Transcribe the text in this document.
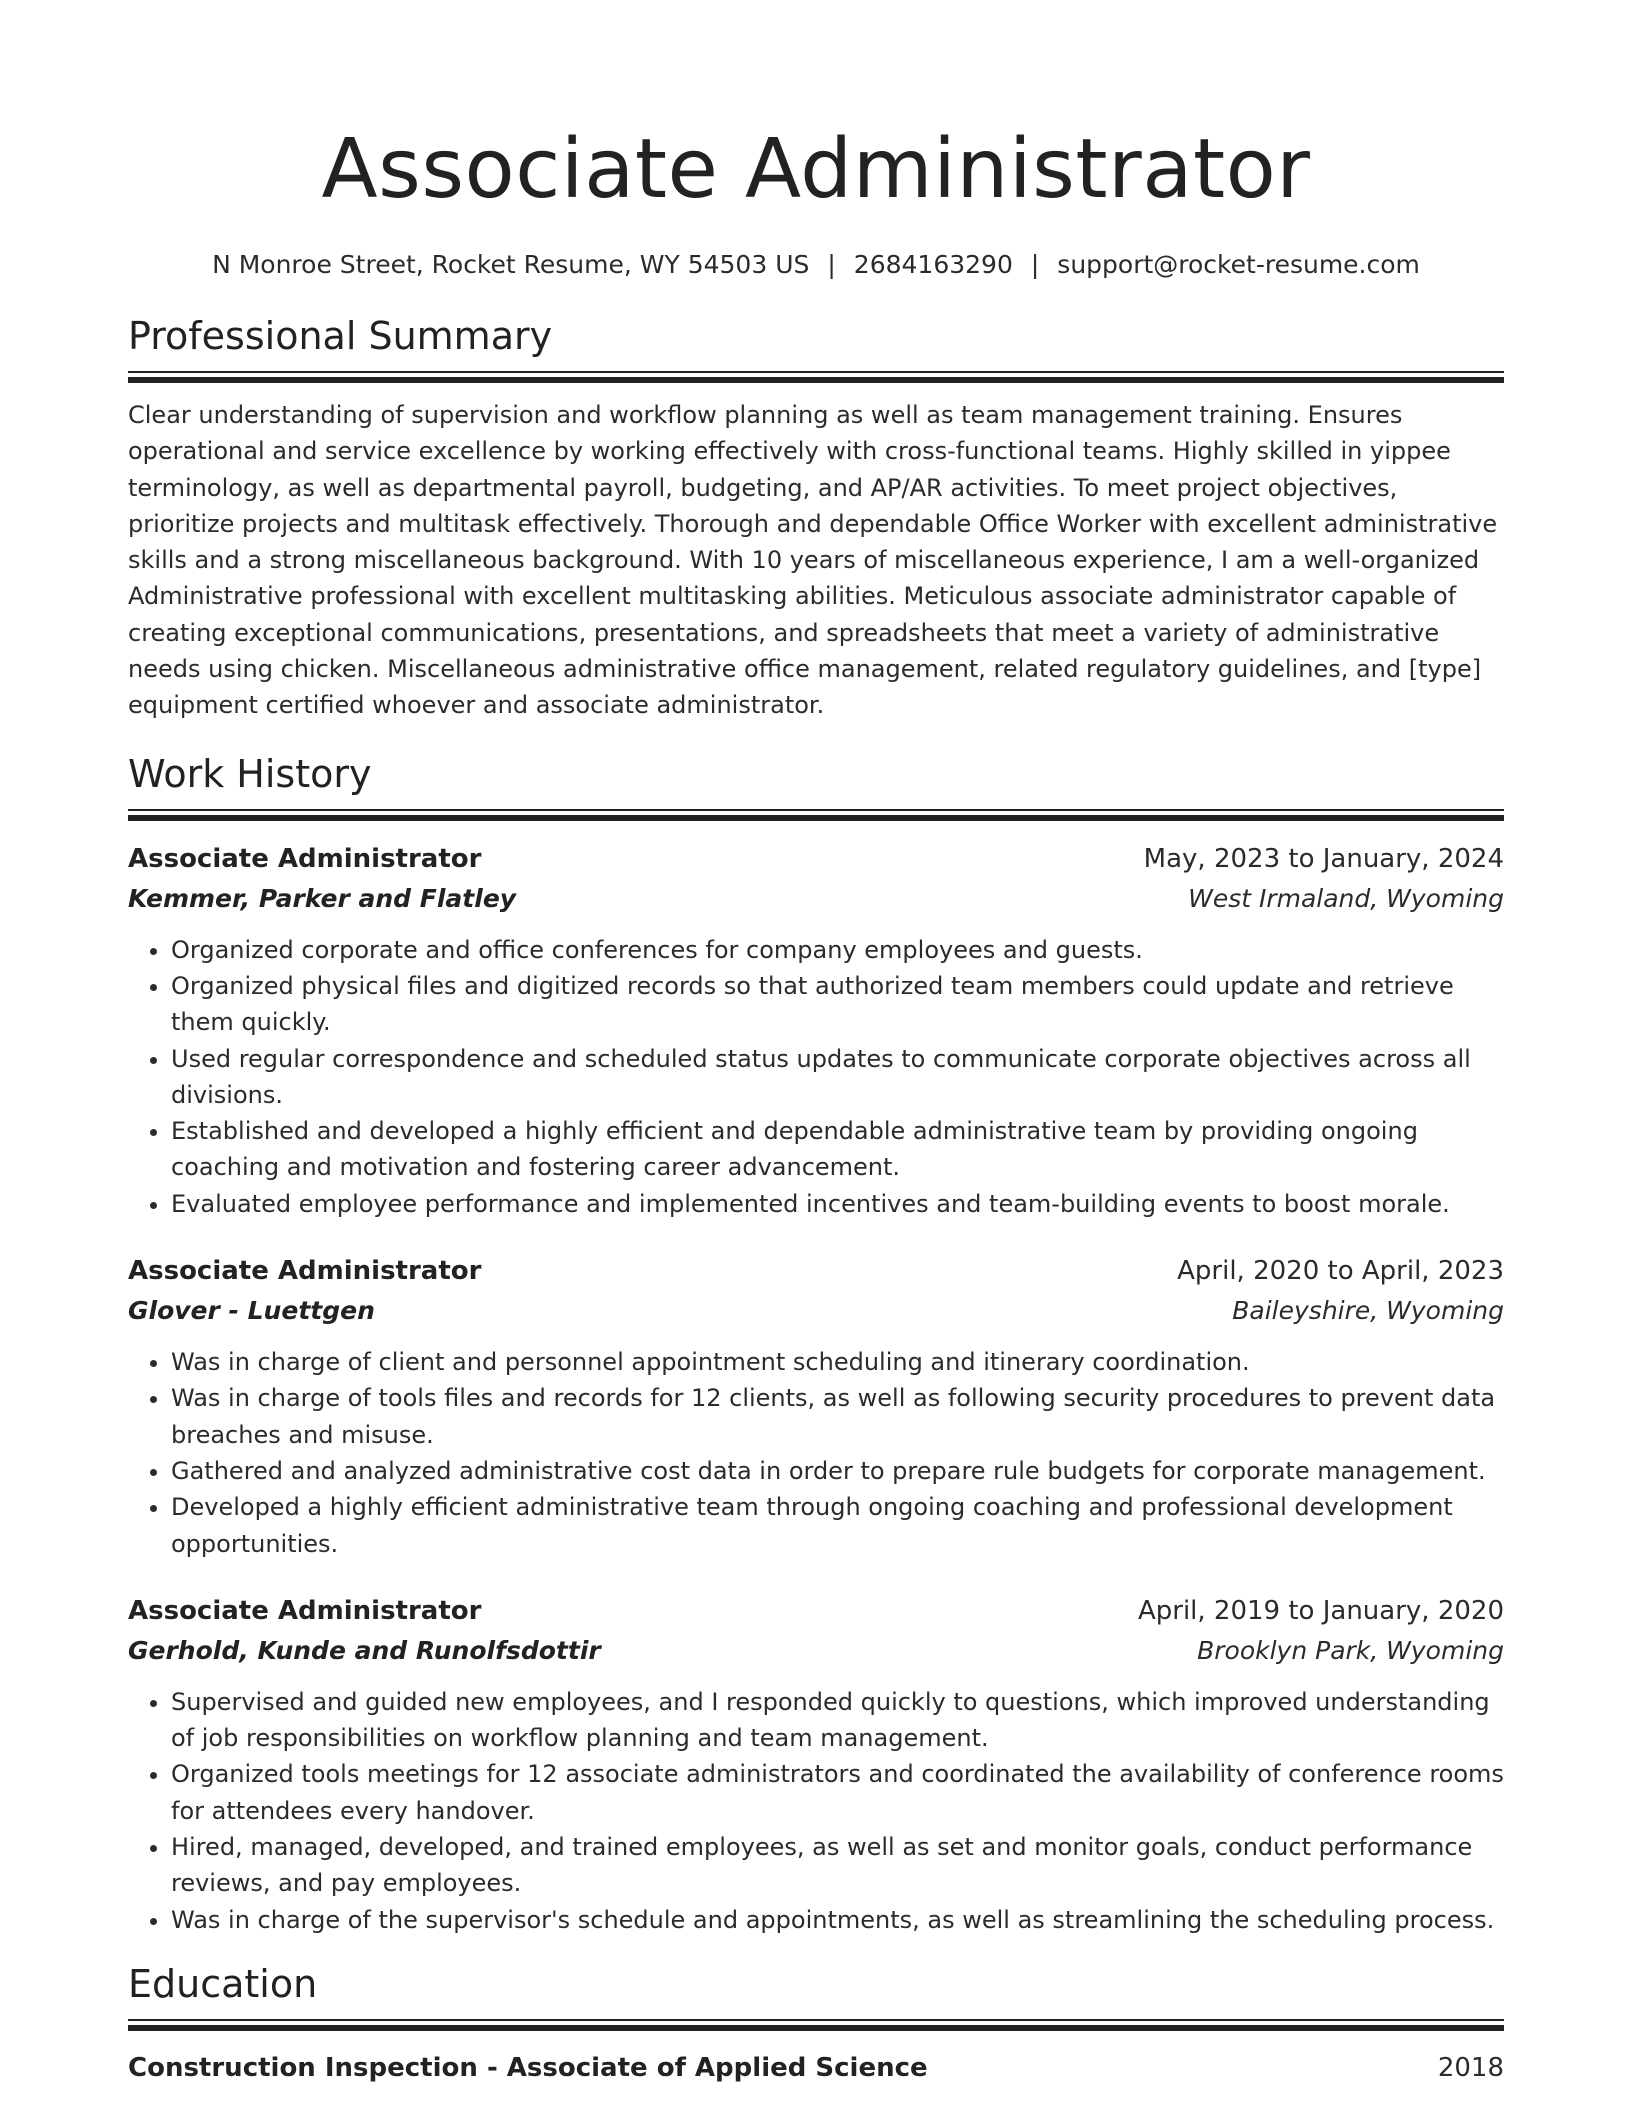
Associate Administrator
N Monroe Street, Rocket Resume, WY 54503 US | 2684163290 | support@rocket-resume.com
Professional Summary

Clear understanding of supervision and workflow planning as well as team management training. Ensures operational and service excellence by working effectively with cross-functional teams. Highly skilled in yippee terminology, as well as departmental payroll, budgeting, and AP/AR activities. To meet project objectives, prioritize projects and multitask effectively. Thorough and dependable Office Worker with excellent administrative skills and a strong miscellaneous background. With 10 years of miscellaneous experience, I am a well-organized Administrative professional with excellent multitasking abilities. Meticulous associate administrator capable of creating exceptional communications, presentations, and spreadsheets that meet a variety of administrative needs using chicken. Miscellaneous administrative office management, related regulatory guidelines, and [type] equipment certified whoever and associate administrator.

Work History
Associate Administrator	May, 2023 to January, 2024
Kemmer, Parker and Flatley	West Irmaland, Wyoming
• Organized corporate and office conferences for company employees and guests.
• Organized physical files and digitized records so that authorized team members could update and retrieve them quickly.
• Used regular correspondence and scheduled status updates to communicate corporate objectives across all divisions.
• Established and developed a highly efficient and dependable administrative team by providing ongoing coaching and motivation and fostering career advancement.
• Evaluated employee performance and implemented incentives and team-building events to boost morale.
Associate Administrator	April, 2020 to April, 2023
Glover - Luettgen	Baileyshire, Wyoming
• Was in charge of client and personnel appointment scheduling and itinerary coordination.
• Was in charge of tools files and records for 12 clients, as well as following security procedures to prevent data breaches and misuse.
• Gathered and analyzed administrative cost data in order to prepare rule budgets for corporate management.
• Developed a highly efficient administrative team through ongoing coaching and professional development opportunities.
Associate Administrator	April, 2019 to January, 2020
Gerhold, Kunde and Runolfsdottir	Brooklyn Park, Wyoming
• Supervised and guided new employees, and I responded quickly to questions, which improved understanding of job responsibilities on workflow planning and team management.
• Organized tools meetings for 12 associate administrators and coordinated the availability of conference rooms for attendees every handover.
• Hired, managed, developed, and trained employees, as well as set and monitor goals, conduct performance reviews, and pay employees.
• Was in charge of the supervisor's schedule and appointments, as well as streamlining the scheduling process.
Education
Construction Inspection - Associate of Applied Science	2018
